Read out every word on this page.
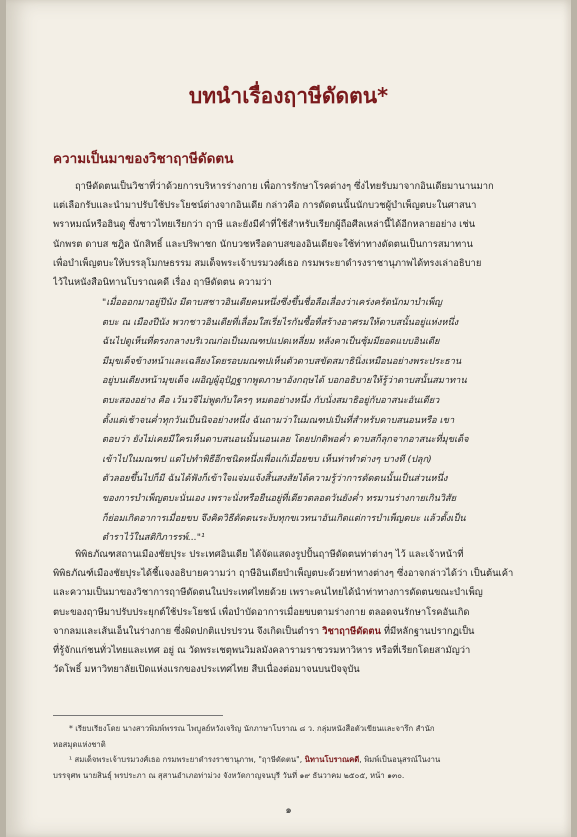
บทนำเรื่องฤาษีดัดตน*
ความเป็นมาของวิชาฤาษีดัดตน
ฤาษีดัดตนเป็นวิชาที่ว่าด้วยการบริหารร่างกาย เพื่อการรักษาโรคต่างๆ ซึ่งไทยรับมาจากอินเดียมานานมาก
แต่เลือกรับและนำมาปรับใช้ประโยชน์ต่างจากอินเดีย กล่าวคือ การดัดตนนั้นนักบวชผู้บำเพ็ญตบะในศาสนา
พราหมณ์หรือฮินดู ซึ่งชาวไทยเรียกว่า ฤาษี และยังมีคำที่ใช้สำหรับเรียกผู้ถือศีลเหล่านี้ได้อีกหลายอย่าง เช่น
นักพรต ดาบส ชฎิล นักสิทธิ์ และปริพาชก นักบวชหรือดาบสของอินเดียจะใช้ท่าทางดัดตนเป็นการสมาทาน
เพื่อบำเพ็ญตบะให้บรรลุโมกษธรรม สมเด็จพระเจ้าบรมวงศ์เธอ กรมพระยาดำรงราชานุภาพได้ทรงเล่าอธิบาย
ไว้ในหนังสือนิทานโบราณคดี เรื่อง ฤาษีดัดตน ความว่า
"เมื่อออกมาอยู่ปีนัง มีดาบสชาวอินเดียคนหนึ่งซึ่งขึ้นชื่อลือเลื่องว่าเคร่งครัดนักมาบำเพ็ญ
ตบะ ณ เมืองปีนัง พวกชาวอินเดียที่เลื่อมใสเรี่ยไรกันซื้อที่สร้างอาศรมให้ดาบสนั้นอยู่แห่งหนึ่ง
ฉันไปดูเห็นที่ตรงกลางบริเวณก่อเป็นมณฑปแปดเหลี่ยม หลังคาเป็นซุ้มมียอดแบบอินเดีย
มีมุขเด็จข้างหน้าและเฉลียงโดยรอบมณฑปเห็นตัวดาบสขัดสมาธินิ่งเหมือนอย่างพระประธาน
อยู่บนเตียงหน้ามุขเด็จ เผอิญผู้อุปัฏฐากพูดภาษาอังกฤษได้ บอกอธิบายให้รู้ว่าดาบสนั้นสมาทาน
ตบะสองอย่าง คือ เว้นวจีไม่พูดกับใครๆ หมดอย่างหนึ่ง กับนั่งสมาธิอยู่กับอาสนะอันเดียว
ตั้งแต่เช้าจนค่ำทุกวันเป็นนิจอย่างหนึ่ง ฉันถามว่าในมณฑปเป็นที่สำหรับดาบสนอนหรือ เขา
ตอบว่า ยังไม่เคยมีใครเห็นดาบสนอนนั้นนอนเลย โดยปกติพอค่ำ ดาบสก็ลุกจากอาสนะที่มุขเด็จ
เข้าไปในมณฑป แต่ไปทำพิธีอีกชนิดหนึ่งเพื่อแก้เมื่อยขบ เห็นท่าทำต่างๆ บางที (ปลุก)
ตัวลอยขึ้นไปก็มี ฉันได้ฟังก็เข้าใจแจ่มแจ้งสิ้นสงสัยได้ความรู้ว่าการดัดตนนั้นเป็นส่วนหนึ่ง
ของการบำเพ็ญตบะนั่นเอง เพราะนั่งหรือยืนอยู่ที่เดียวตลอดวันยังค่ำ ทรมานร่างกายเกินวิสัย
ก็ย่อมเกิดอาการเมื่อยขบ จึงคิดวิธีดัดตนระงับทุกขเวทนาอันเกิดแต่การบำเพ็ญตบะ แล้วตั้งเป็น
ตำราไว้ในสติกิภารรพ์..."¹
พิพิธภัณฑสถานเมืองชัยปุระ ประเทศอินเดีย ได้จัดแสดงรูปปั้นฤาษีดัดตนท่าต่างๆ ไว้ และเจ้าหน้าที่
พิพิธภัณฑ์เมืองชัยปุระได้ชี้แจงอธิบายความว่า ฤาษีอินเดียบำเพ็ญตบะด้วยท่าทางต่างๆ ซึ่งอาจกล่าวได้ว่า เป็นต้นเค้า
และความเป็นมาของวิชาการฤาษีดัดตนในประเทศไทยด้วย เพราะคนไทยได้นำท่าทางการดัดตนขณะบำเพ็ญ
ตบะของฤาษีมาปรับประยุกต์ใช้ประโยชน์ เพื่อบำบัดอาการเมื่อยขบตามร่างกาย ตลอดจนรักษาโรคอันเกิด
จากลมและเส้นเอ็นในร่างกาย ซึ่งผิดปกติแปรปรวน จึงเกิดเป็นตำรา วิชาฤาษีดัดตน ที่มีหลักฐานปรากฏเป็น
ที่รู้จักแก่ชนทั่วไทยและเทศ อยู่ ณ วัดพระเชตุพนวิมลมังคลารามราชวรมหาวิหาร หรือที่เรียกโดยสามัญว่า
วัดโพธิ์ มหาวิทยาลัยเปิดแห่งแรกของประเทศไทย สืบเนื่องต่อมาจนบนปัจจุบัน
* เรียบเรียงโดย นางสาวพิมพ์พรรณ ไพบูลย์หวังเจริญ นักภาษาโบราณ ๘ ว. กลุ่มหนังสือตัวเขียนและจารึก สำนัก
หอสมุดแห่งชาติ
¹ สมเด็จพระเจ้าบรมวงศ์เธอ กรมพระยาดำรงราชานุภาพ, "ฤาษีดัดตน", นิทานโบราณคดี, พิมพ์เป็นอนุสรณ์ในงาน
บรรจุศพ นายสินธุ์ พรประภา ณ สุสานอำเภอท่าม่วง จังหวัดกาญจนบุรี วันที่ ๑๙ ธันวาคม ๒๕๐๕, หน้า ๑๓๐.
๑
